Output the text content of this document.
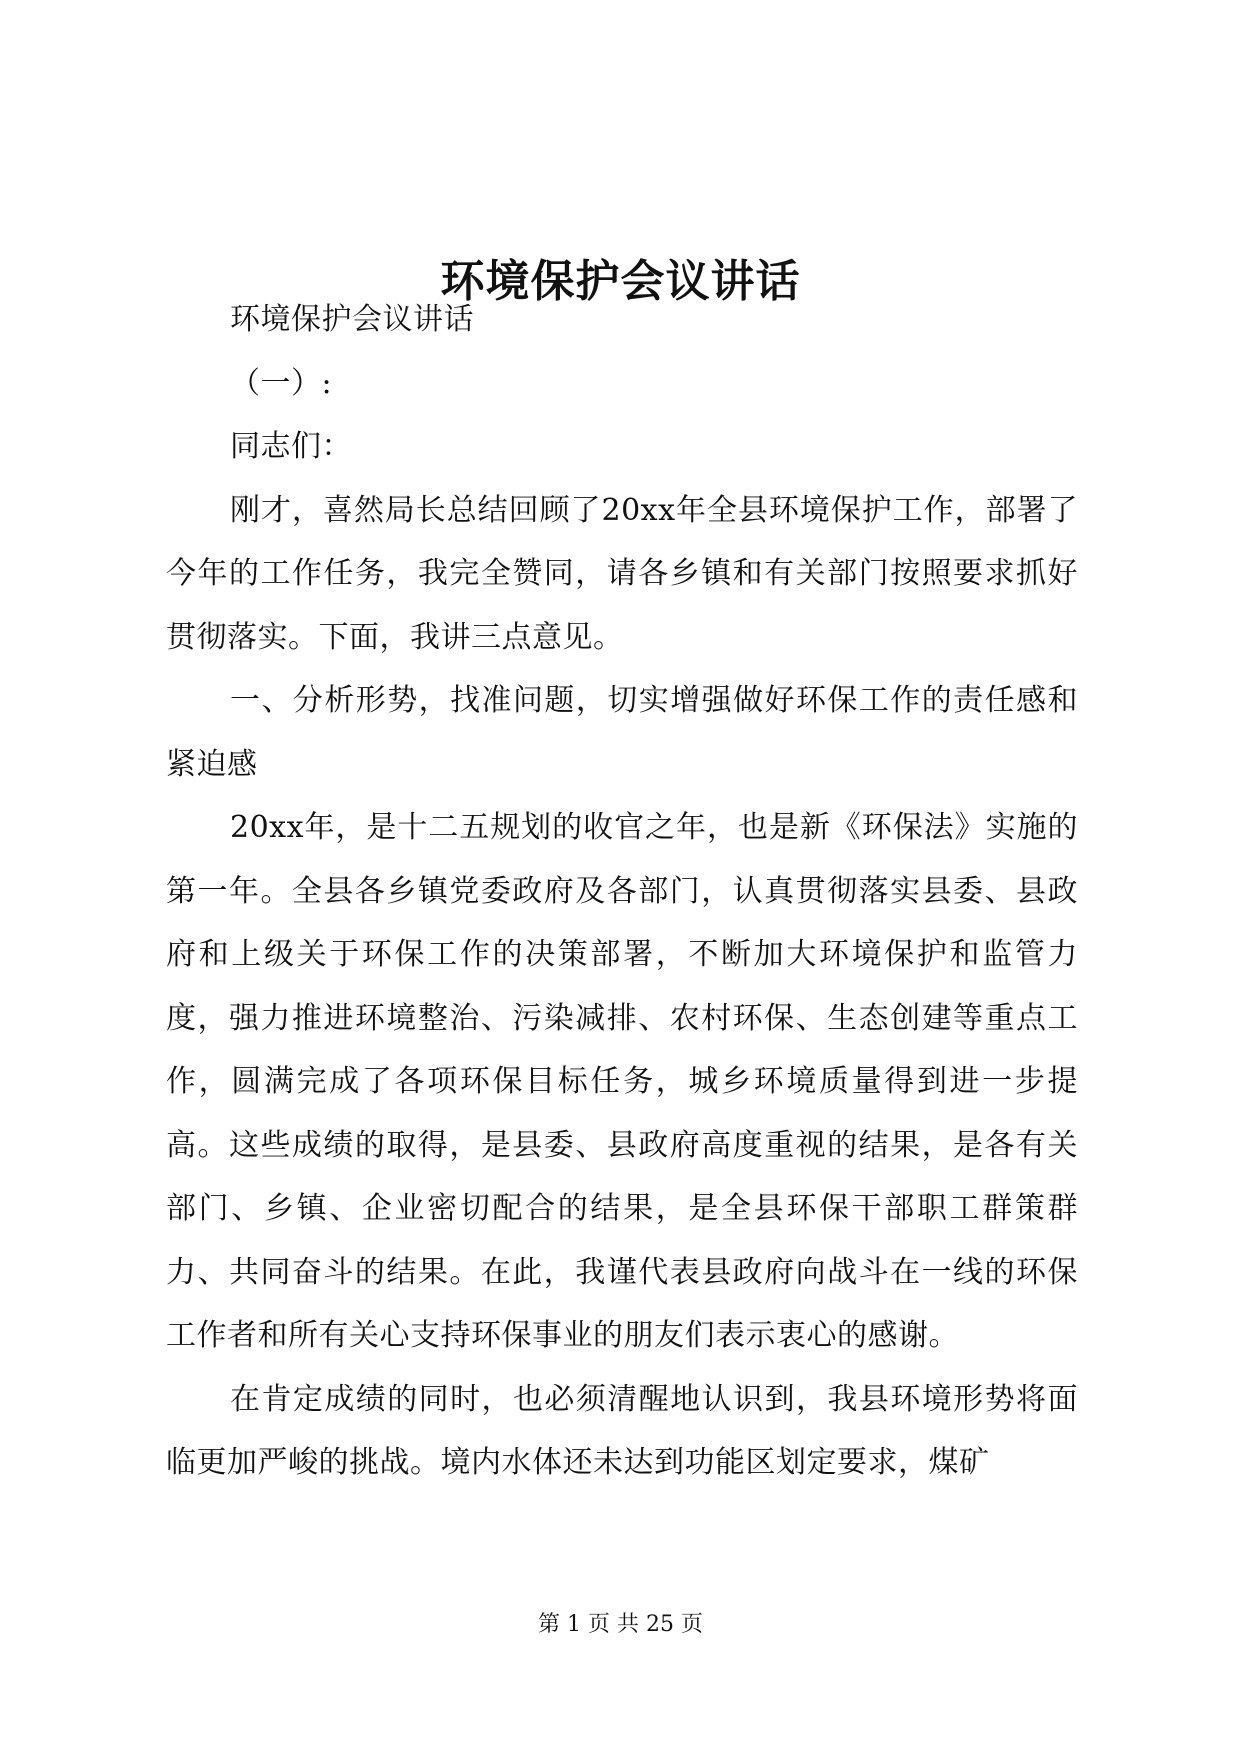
环境保护会议讲话

环境保护会议讲话

（一）:

同志们：

刚才，喜然局长总结回顾了20xx年全县环境保护工作，部署了今年的工作任务，我完全赞同，请各乡镇和有关部门按照要求抓好贯彻落实。下面，我讲三点意见。

一、分析形势，找准问题，切实增强做好环保工作的责任感和紧迫感

20xx年，是十二五规划的收官之年，也是新《环保法》实施的第一年。全县各乡镇党委政府及各部门，认真贯彻落实县委、县政府和上级关于环保工作的决策部署，不断加大环境保护和监管力度，强力推进环境整治、污染减排、农村环保、生态创建等重点工作，圆满完成了各项环保目标任务，城乡环境质量得到进一步提高。这些成绩的取得，是县委、县政府高度重视的结果，是各有关部门、乡镇、企业密切配合的结果，是全县环保干部职工群策群力、共同奋斗的结果。在此，我谨代表县政府向战斗在一线的环保工作者和所有关心支持环保事业的朋友们表示衷心的感谢。

在肯定成绩的同时，也必须清醒地认识到，我县环境形势将面临更加严峻的挑战。境内水体还未达到功能区划定要求，煤矿

第 1 页 共 25 页
